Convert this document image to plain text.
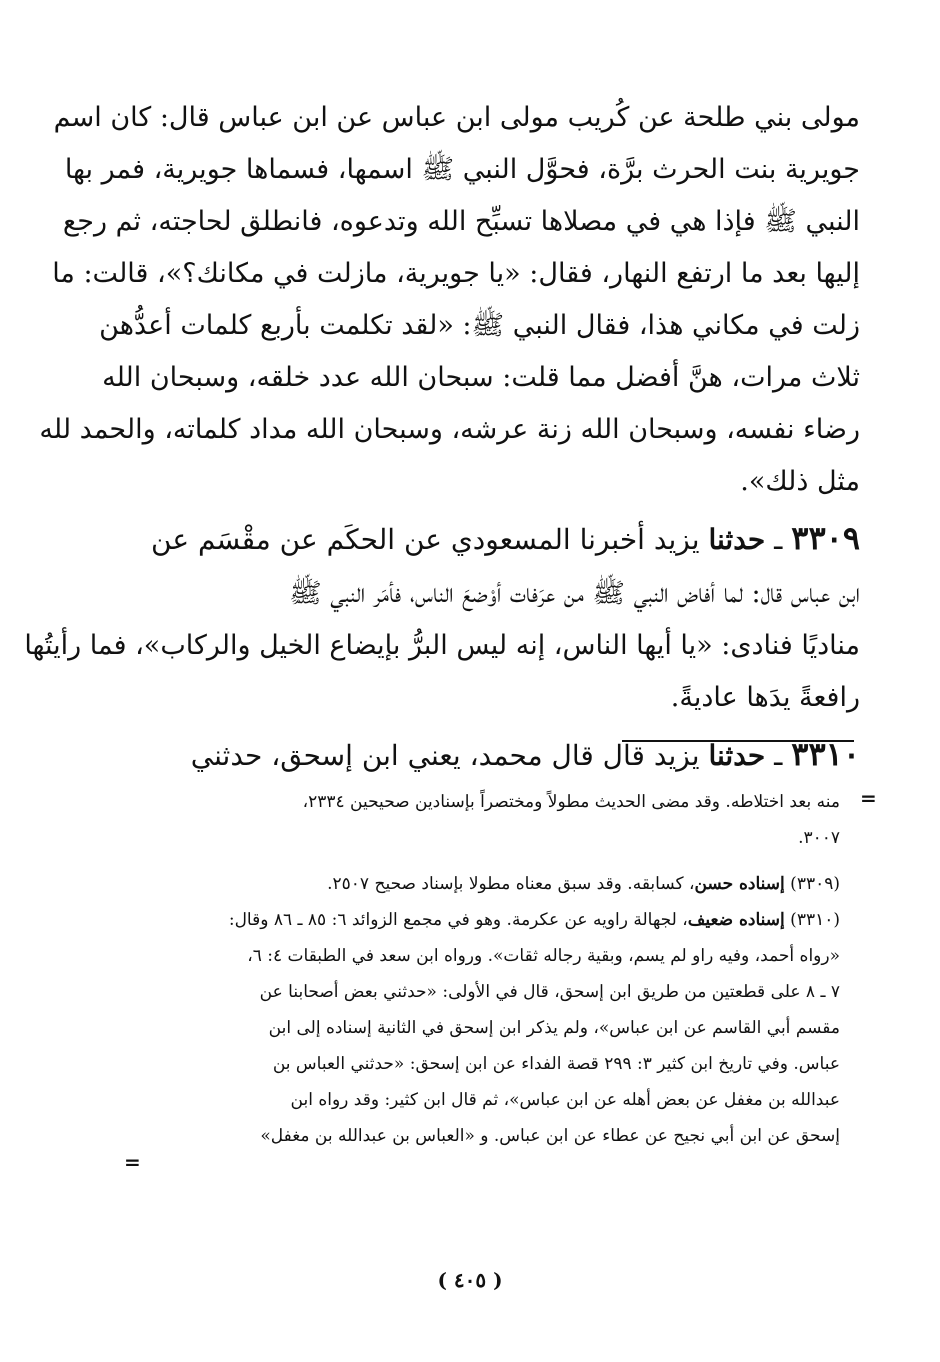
مولى بني طلحة عن كُريب مولى ابن عباس عن ابن عباس قال: كان اسم
جويرية بنت الحرث برَّة، فحوَّل النبي ﷺ اسمها، فسماها جويرية، فمر بها
النبي ﷺ فإذا هي في مصلاها تسبِّح الله وتدعوه، فانطلق لحاجته، ثم رجع
إليها بعد ما ارتفع النهار، فقال: «يا جويرية، مازلت في مكانك؟»، قالت: ما
زلت في مكاني هذا، فقال النبي ﷺ: «لقد تكلمت بأربع كلمات أعدُّهن
ثلاث مرات، هنَّ أفضل مما قلت: سبحان الله عدد خلقه، وسبحان الله
رضاء نفسه، وسبحان الله زنة عرشه، وسبحان الله مداد كلماته، والحمد لله
مثل ذلك».
٣٣٠٩ ـ حدثنا يزيد أخبرنا المسعودي عن الحكَم عن مقْسَم عن
ابن عباس قال: لما أفاض النبي ﷺ من عرَفات أوْضعَ الناس، فأمَر النبي ﷺ
مناديًا فنادى: «يا أيها الناس، إنه ليس البرُّ بإيضاع الخيل والركاب»، فما رأيتُها
رافعةً يدَها عاديةً.
٣٣١٠ ـ حدثنا يزيد قال قال محمد، يعني ابن إسحق، حدثني
=
منه بعد اختلاطه. وقد مضى الحديث مطولاً ومختصراً بإسنادين صحيحين ٢٣٣٤،
٣٠٠٧.
(٣٣٠٩) إسناده حسن، كسابقه. وقد سبق معناه مطولا بإسناد صحيح ٢٥٠٧.
(٣٣١٠) إسناده ضعيف، لجهالة راويه عن عكرمة. وهو في مجمع الزوائد ٦: ٨٥ ـ ٨٦ وقال:
«رواه أحمد، وفيه راو لم يسم، وبقية رجاله ثقات». ورواه ابن سعد في الطبقات ٤: ٦،
٧ ـ ٨ على قطعتين من طريق ابن إسحق، قال في الأولى: «حدثني بعض أصحابنا عن
مقسم أبي القاسم عن ابن عباس»، ولم يذكر ابن إسحق في الثانية إسناده إلى ابن
عباس. وفي تاريخ ابن كثير ٣: ٢٩٩ قصة الفداء عن ابن إسحق: «حدثني العباس بن
عبدالله بن مغفل عن بعض أهله عن ابن عباس»، ثم قال ابن كثير: وقد رواه ابن
إسحق عن ابن أبي نجيح عن عطاء عن ابن عباس. و «العباس بن عبدالله بن مغفل»
=
( ٤٠٥ )
